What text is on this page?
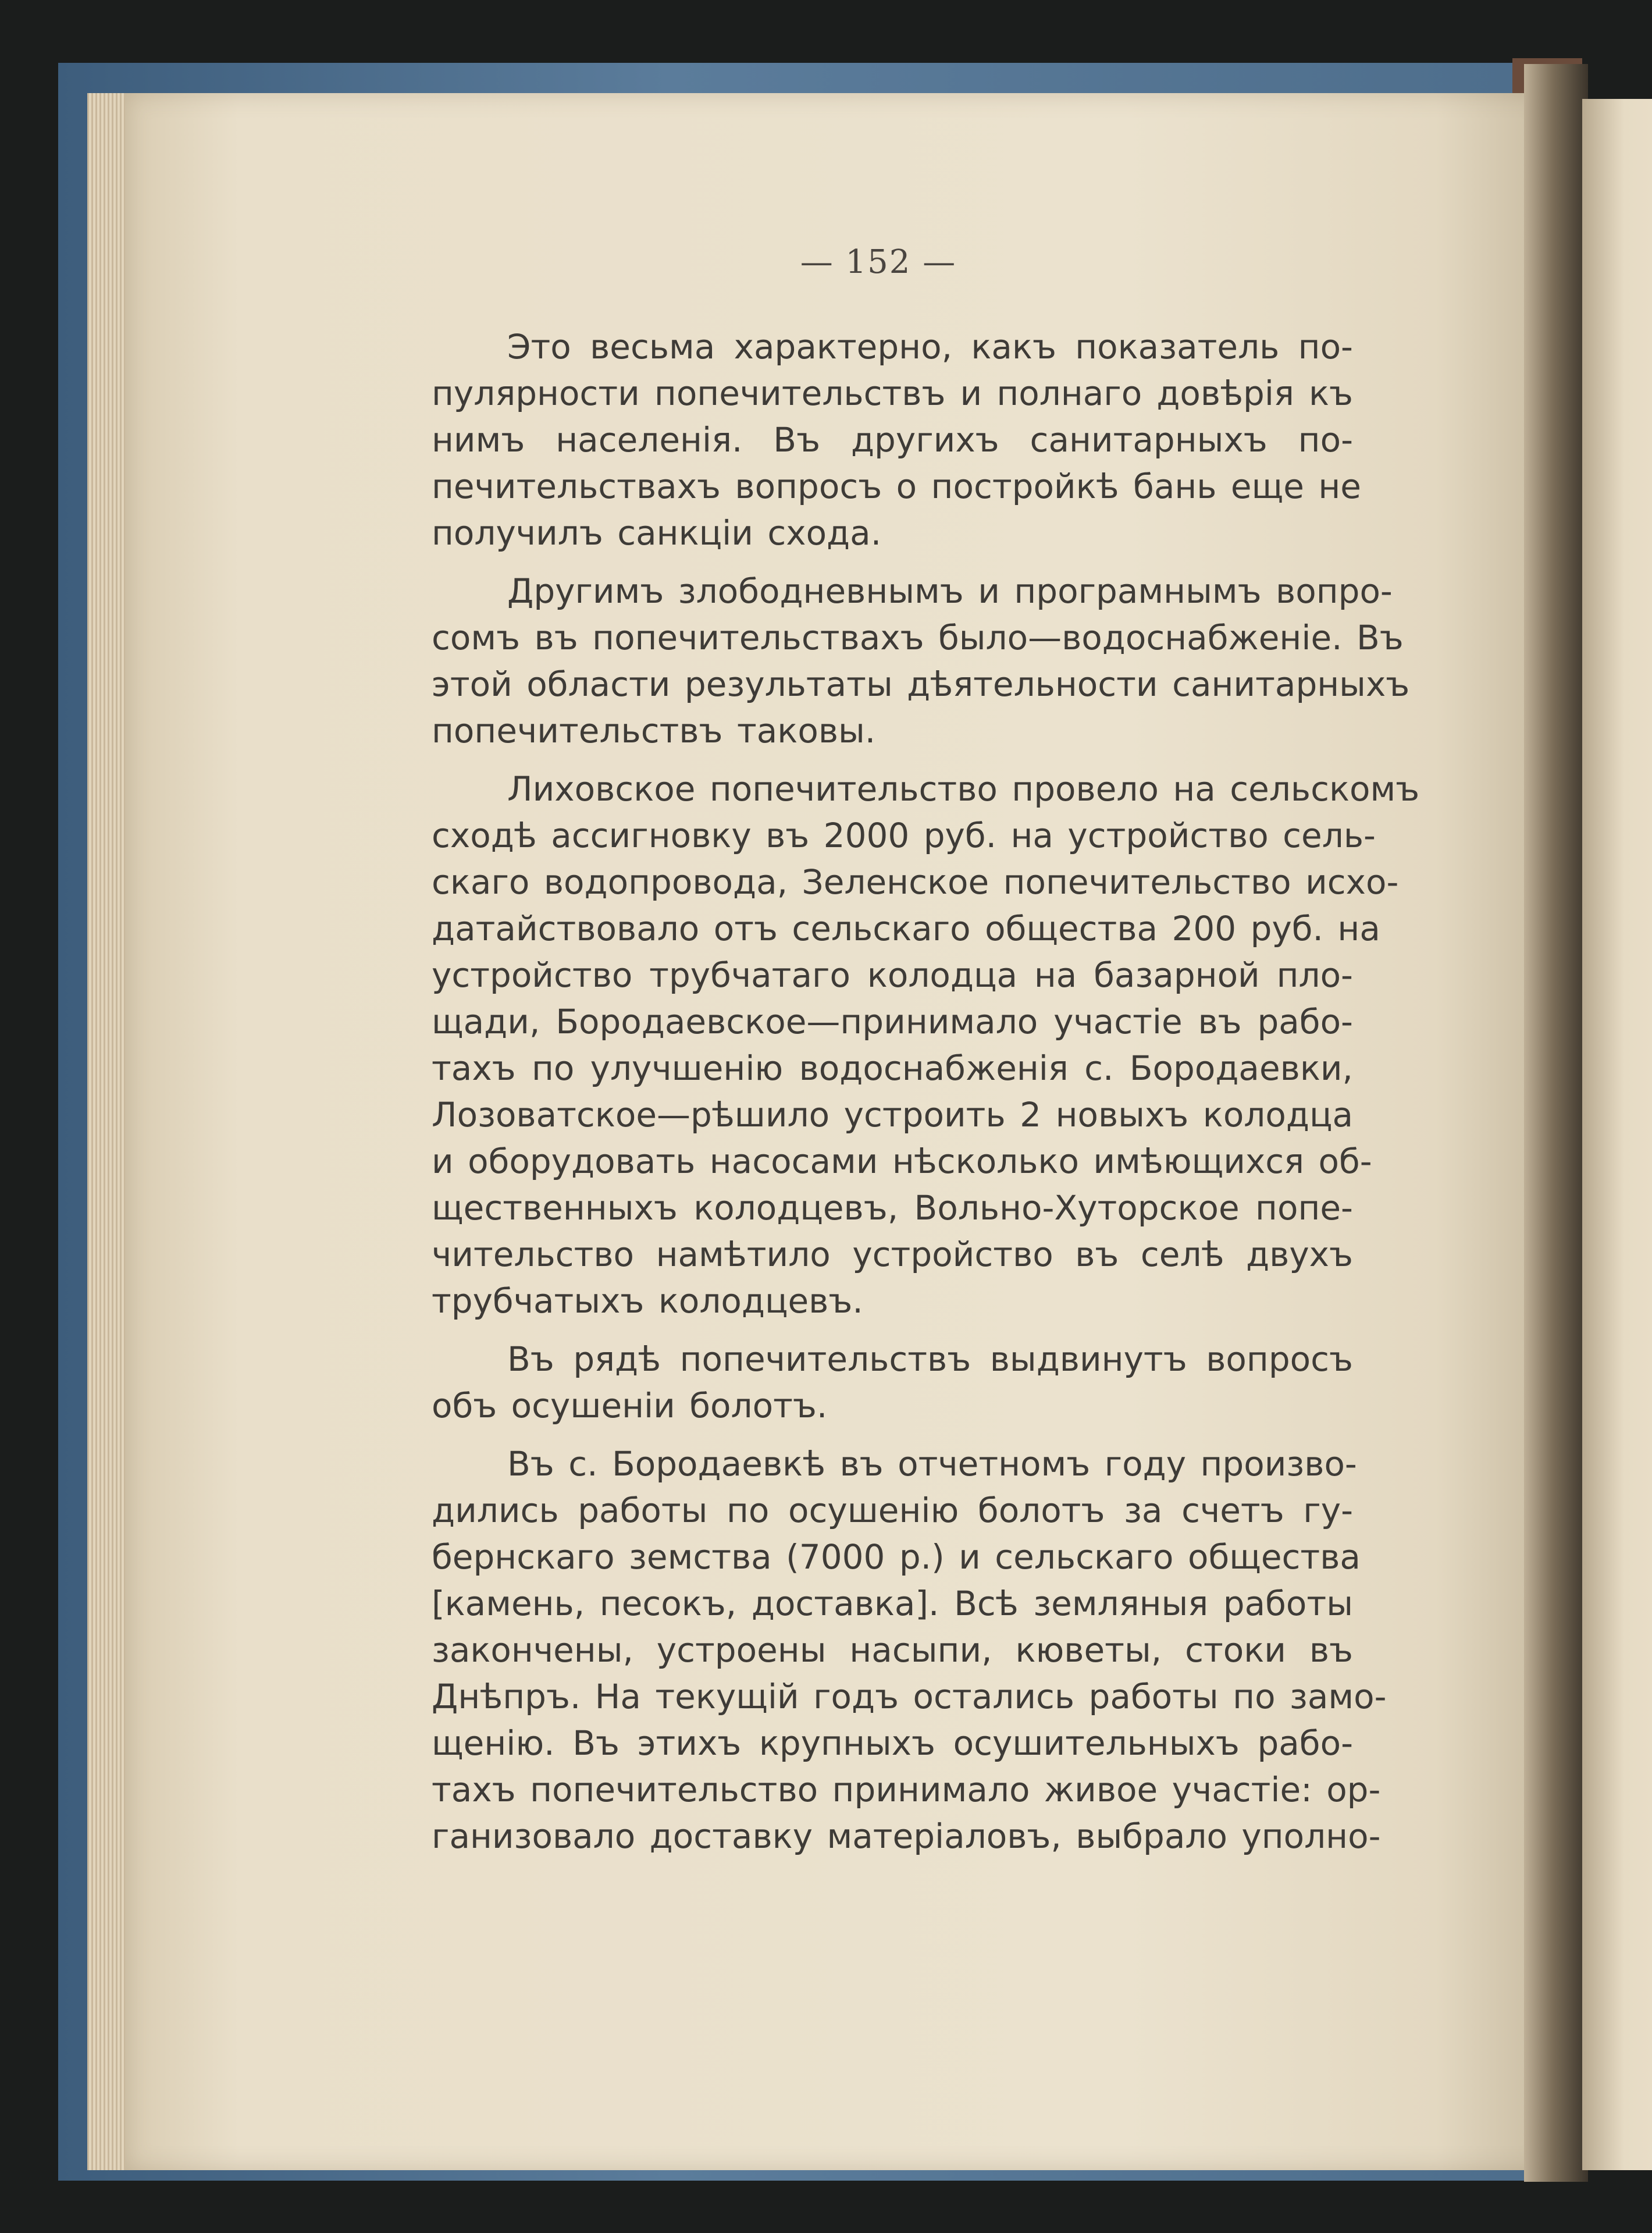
— 152 —
Это весьма характерно, какъ показатель по-
пулярности попечительствъ и полнаго довѣрія къ
нимъ населенія. Въ другихъ санитарныхъ по-
печительствахъ вопросъ о постройкѣ бань еще не
получилъ санкціи схода.
Другимъ злободневнымъ и програмнымъ вопро-
сомъ въ попечительствахъ было—водоснабженіе. Въ
этой области результаты дѣятельности санитарныхъ
попечительствъ таковы.
Лиховское попечительство провело на сельскомъ
сходѣ ассигновку въ 2000 руб. на устройство сель-
скаго водопровода, Зеленское попечительство исхо-
датайствовало отъ сельскаго общества 200 руб. на
устройство трубчатаго колодца на базарной пло-
щади, Бородаевское—принимало участіе въ рабо-
тахъ по улучшенію водоснабженія с. Бородаевки,
Лозоватское—рѣшило устроить 2 новыхъ колодца
и оборудовать насосами нѣсколько имѣющихся об-
щественныхъ колодцевъ, Вольно-Хуторское попе-
чительство намѣтило устройство въ селѣ двухъ
трубчатыхъ колодцевъ.
Въ рядѣ попечительствъ выдвинутъ вопросъ
объ осушеніи болотъ.
Въ с. Бородаевкѣ въ отчетномъ году произво-
дились работы по осушенію болотъ за счетъ гу-
бернскаго земства (7000 р.) и сельскаго общества
[камень, песокъ, доставка]. Всѣ земляныя работы
закончены, устроены насыпи, кюветы, стоки въ
Днѣпръ. На текущій годъ остались работы по замо-
щенію. Въ этихъ крупныхъ осушительныхъ рабо-
тахъ попечительство принимало живое участіе: ор-
ганизовало доставку матеріаловъ, выбрало уполно-
